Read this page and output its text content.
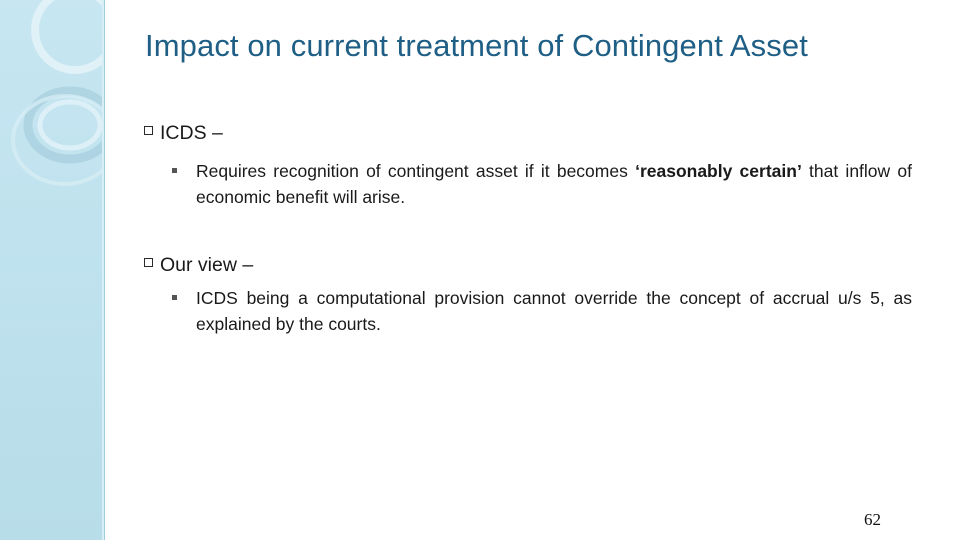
Impact on current treatment of Contingent Asset
ICDS –
Requires recognition of contingent asset if it becomes ‘reasonably certain’ that inflow of economic benefit will arise.
Our view –
ICDS being a computational provision cannot override the concept of accrual u/s 5, as explained by the courts.
62
